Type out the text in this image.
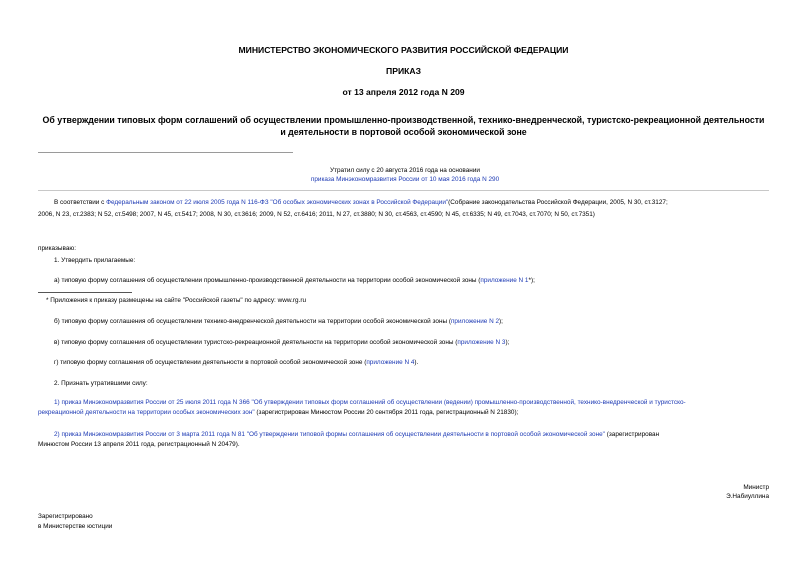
МИНИСТЕРСТВО ЭКОНОМИЧЕСКОГО РАЗВИТИЯ РОССИЙСКОЙ ФЕДЕРАЦИИ
ПРИКАЗ
от 13 апреля 2012 года N 209
Об утверждении типовых форм соглашений об осуществлении промышленно-производственной, технико-внедренческой, туристско-рекреационной деятельности
и деятельности в портовой особой экономической зоне
Утратил силу с 20 августа 2016 года на основании
приказа Минэкономразвития России от 10 мая 2016 года N 290
В соответствии с Федеральным законом от 22 июля 2005 года N 116-ФЗ "Об особых экономических зонах в Российской Федерации"(Собрание законодательства Российской Федерации, 2005, N 30, ст.3127;
2006, N 23, ст.2383; N 52, ст.5498; 2007, N 45, ст.5417; 2008, N 30, ст.3616; 2009, N 52, ст.6416; 2011, N 27, ст.3880; N 30, ст.4563, ст.4590; N 45, ст.6335; N 49, ст.7043, ст.7070; N 50, ст.7351)
приказываю:
1. Утвердить прилагаемые:
а) типовую форму соглашения об осуществлении промышленно-производственной деятельности на территории особой экономической зоны (приложение N 1*);
* Приложения к приказу размещены на сайте "Российской газеты" по адресу: www.rg.ru
б) типовую форму соглашения об осуществлении технико-внедренческой деятельности на территории особой экономической зоны (приложение N 2);
в) типовую форму соглашения об осуществлении туристско-рекреационной деятельности на территории особой экономической зоны (приложение N 3);
г) типовую форму соглашения об осуществлении деятельности в портовой особой экономической зоне (приложение N 4).
2. Признать утратившими силу:
1) приказ Минэкономразвития России от 25 июля 2011 года N 366 "Об утверждении типовых форм соглашений об осуществлении (ведении) промышленно-производственной, технико-внедренческой и туристско-
рекреационной деятельности на территории особых экономических зон" (зарегистрирован Минюстом России 20 сентября 2011 года, регистрационный N 21830);
2) приказ Минэкономразвития России от 3 марта 2011 года N 81 "Об утверждении типовой формы соглашения об осуществлении деятельности в портовой особой экономической зоне" (зарегистрирован
Минюстом России 13 апреля 2011 года, регистрационный N 20479).
Министр
Э.Набиуллина
Зарегистрировано
в Министерстве юстиции
